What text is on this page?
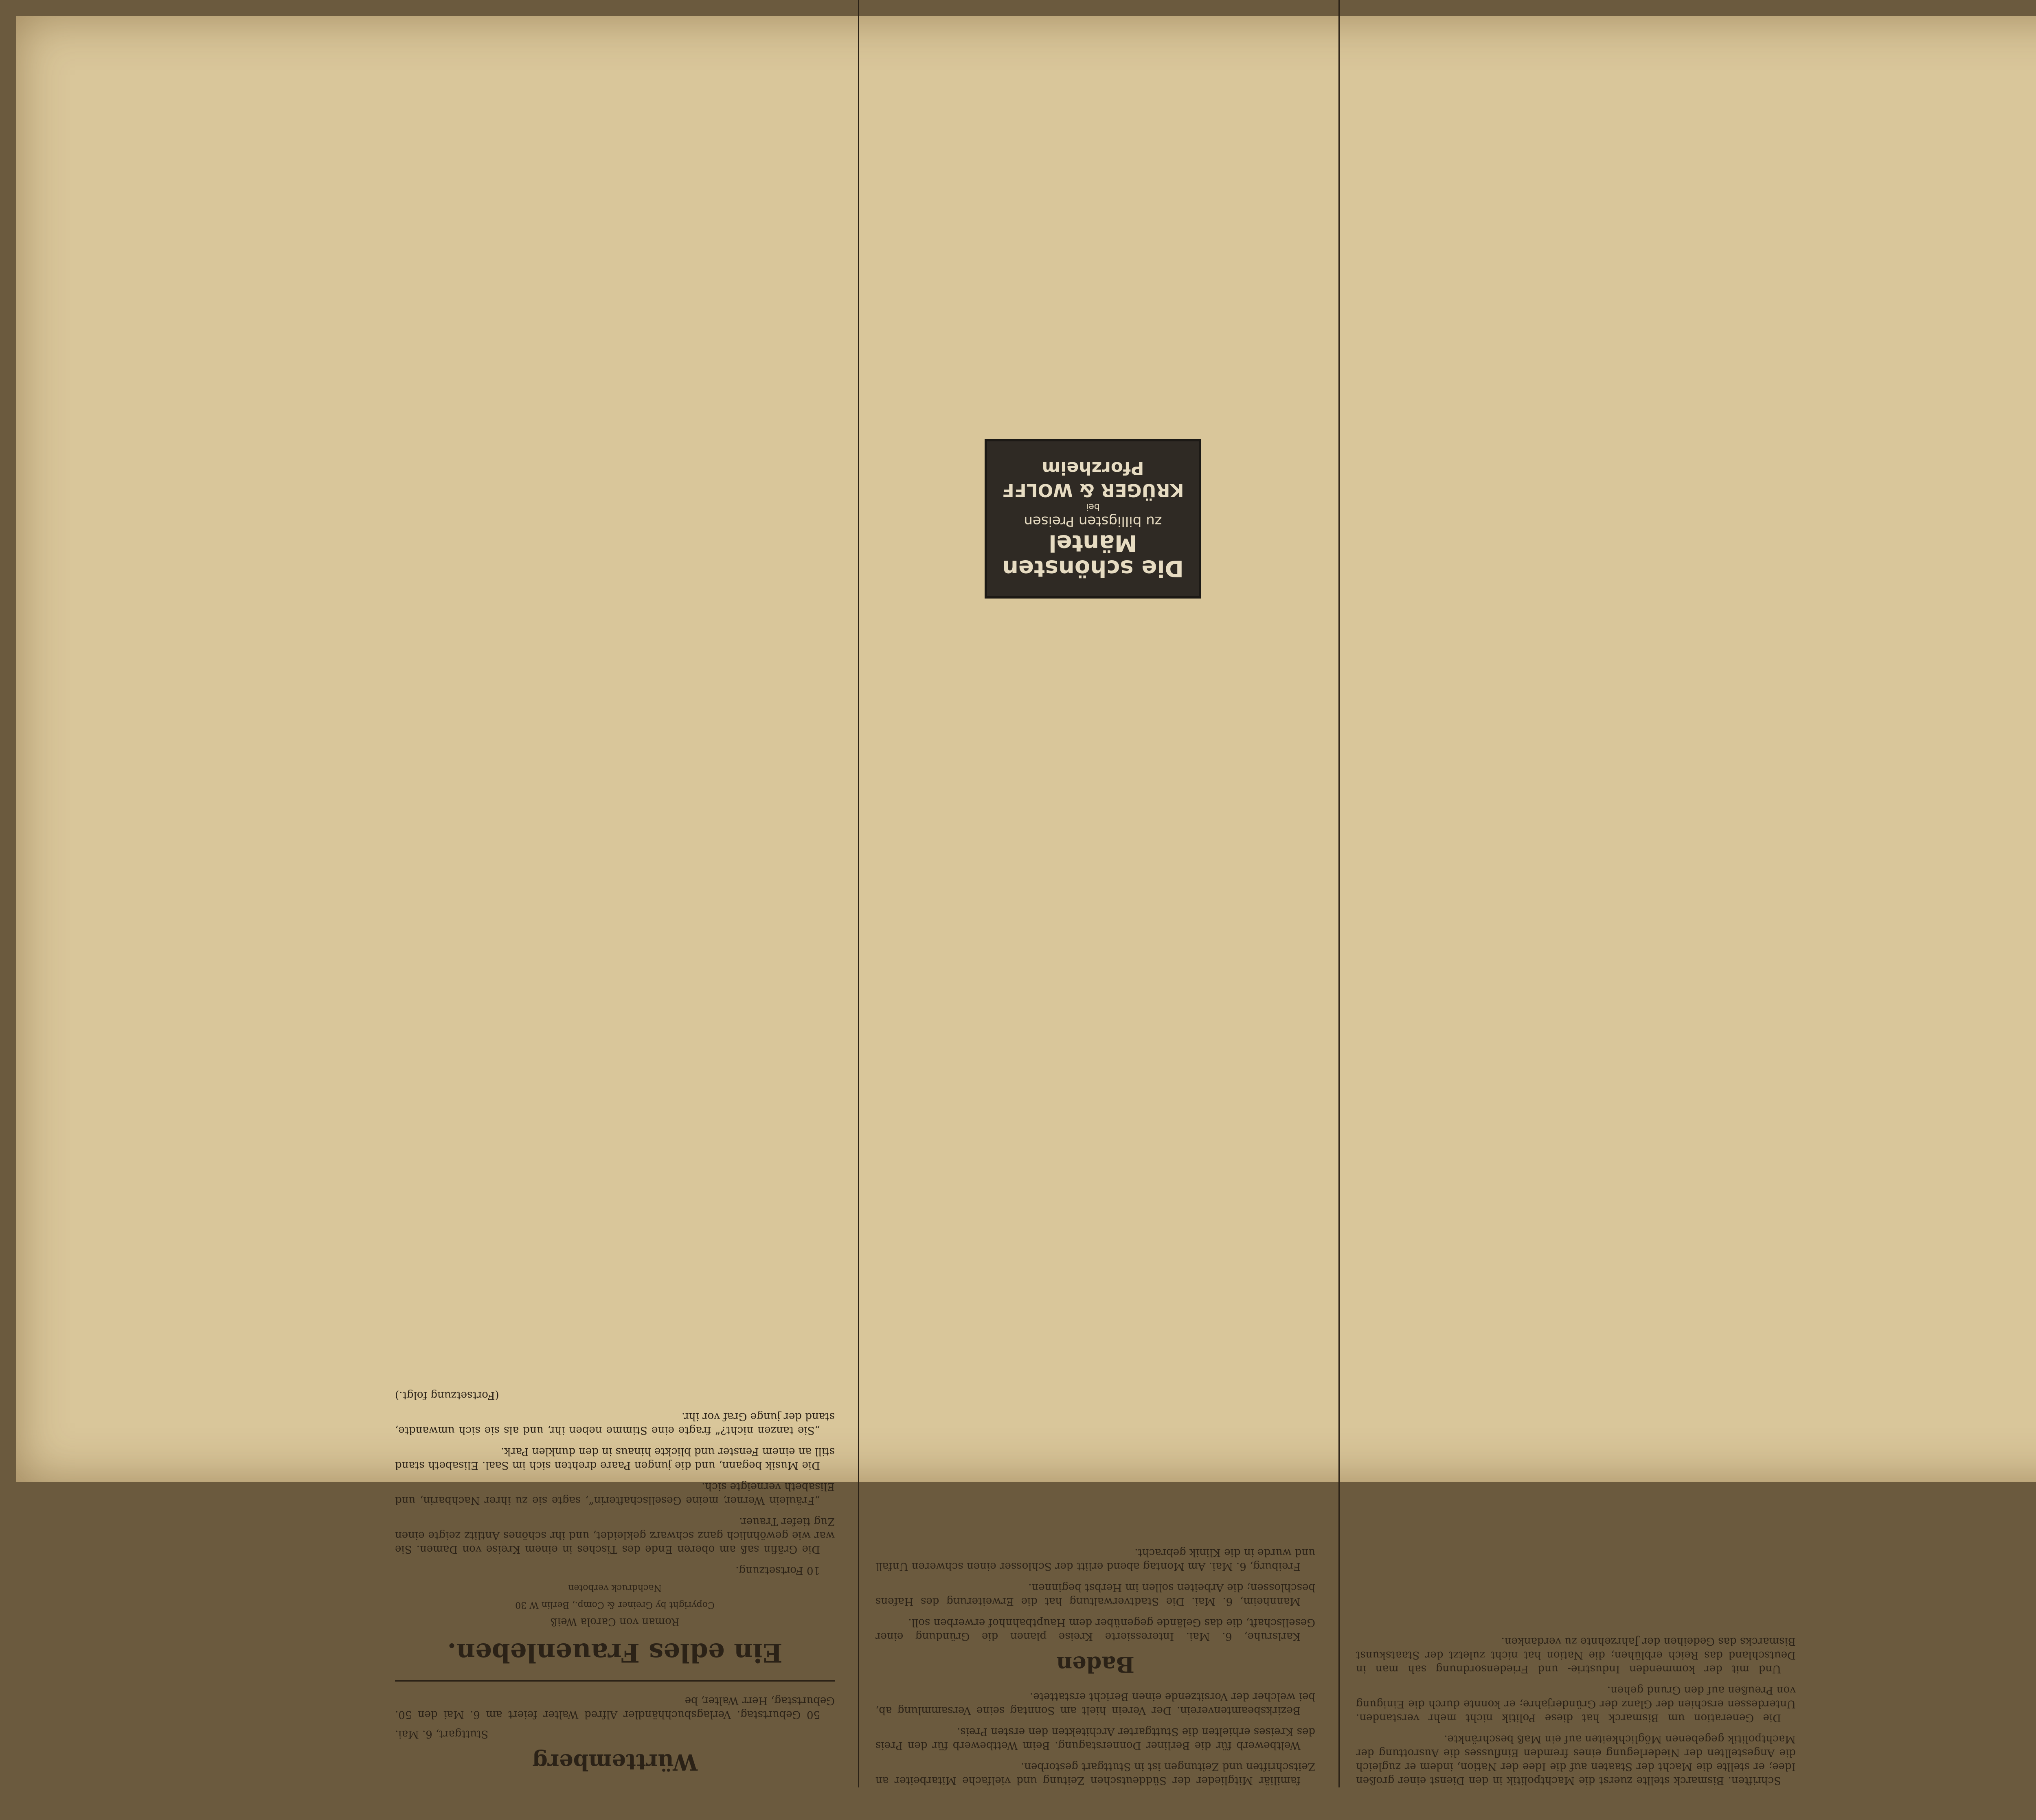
Schriften. Bismarck stellte zuerst die Machtpolitik in den Dienst einer großen Idee; er stellte die Macht der Staaten auf die Idee der Nation, indem er zugleich die Angestellten der Niederlegung eines fremden Einflusses die Ausrottung der Machtpolitik gegebenen Möglichkeiten auf ein Maß beschränkte.

Die Generation um Bismarck hat diese Politik nicht mehr verstanden. Unterdessen erschien der Glanz der Gründerjahre; er konnte durch die Einigung von Preußen auf den Grund gehen.

Und mit der kommenden Industrie- und Friedensordnung sah man in Deutschland das Reich erblühen; die Nation hat nicht zuletzt der Staatskunst Bismarcks das Gedeihen der Jahrzehnte zu verdanken.

familiär Mitglieder der Süddeutschen Zeitung und vielfache Mitarbeiter an Zeitschriften und Zeitungen ist in Stuttgart gestorben.

Weltbewerb für die Berliner Donnerstagung. Beim Wettbewerb für den Preis des Kreises erhielten die Stuttgarter Architekten den ersten Preis.

Bezirksbeamtenverein. Der Verein hielt am Sonntag seine Versammlung ab, bei welcher der Vorsitzende einen Bericht erstattete.

Baden

Karlsruhe, 6. Mai. Interessierte Kreise planen die Gründung einer Gesellschaft, die das Gelände gegenüber dem Hauptbahnhof erwerben soll.

Mannheim, 6. Mai. Die Stadtverwaltung hat die Erweiterung des Hafens beschlossen; die Arbeiten sollen im Herbst beginnen.

Freiburg, 6. Mai. Am Montag abend erlitt der Schlosser einen schweren Unfall und wurde in die Klinik gebracht.

Die schönsten Mäntel
zu billigsten Preisen
bei
KRÜGER & WOLFF Pforzheim
Württemberg
Stuttgart, 6. Mai.

50 Geburtstag. Verlagsbuchhändler Alfred Walter feiert am 6. Mai den 50. Geburtstag, Herr Walter, be

Ein edles Frauenleben.
Roman von Carola Weiß
Copyright by Greiner & Comp., Berlin W 30
Nachdruck verboten

10 Fortsetzung.

Die Gräfin saß am oberen Ende des Tisches in einem Kreise von Damen. Sie war wie gewöhnlich ganz schwarz gekleidet, und ihr schönes Antlitz zeigte einen Zug tiefer Trauer.

„Fräulein Werner, meine Gesellschafterin“, sagte sie zu ihrer Nachbarin, und Elisabeth verneigte sich.

Die Musik begann, und die jungen Paare drehten sich im Saal. Elisabeth stand still an einem Fenster und blickte hinaus in den dunklen Park.

„Sie tanzen nicht?“ fragte eine Stimme neben ihr, und als sie sich umwandte, stand der junge Graf vor ihr.

(Fortsetzung folgt.)
